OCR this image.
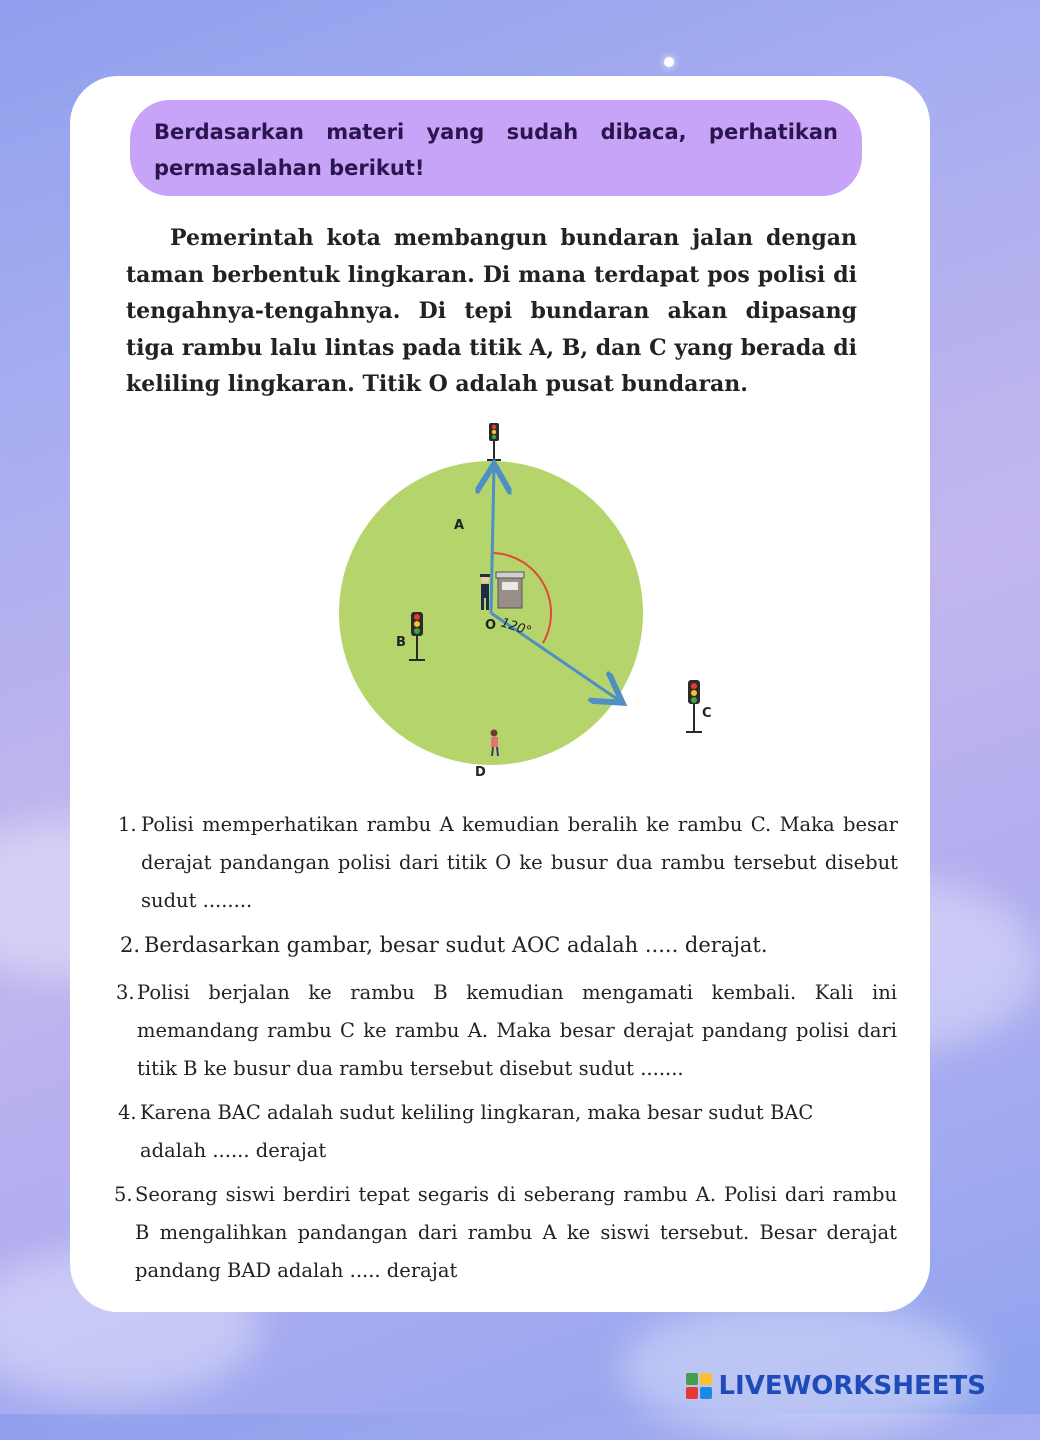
Berdasarkan materi yang sudah dibaca, perhatikan permasalahan berikut!
Pemerintah kota membangun bundaran jalan dengan taman berbentuk lingkaran. Di mana terdapat pos polisi di tengahnya-tengahnya. Di tepi bundaran akan dipasang tiga rambu lalu lintas pada titik A, B, dan C yang berada di keliling lingkaran. Titik O adalah pusat bundaran.
A
B
C
D
O 120°
1. Polisi memperhatikan rambu A kemudian beralih ke rambu C. Maka besar derajat pandangan polisi dari titik O ke busur dua rambu tersebut disebut sudut ........
2. Berdasarkan gambar, besar sudut AOC adalah ..... derajat.
3. Polisi berjalan ke rambu B kemudian mengamati kembali. Kali ini memandang rambu C ke rambu A. Maka besar derajat pandang polisi dari titik B ke busur dua rambu tersebut disebut sudut .......
4. Karena BAC adalah sudut keliling lingkaran, maka besar sudut BAC adalah ...... derajat
5. Seorang siswi berdiri tepat segaris di seberang rambu A. Polisi dari rambu B mengalihkan pandangan dari rambu A ke siswi tersebut. Besar derajat pandang BAD adalah ..... derajat
LIVEWORKSHEETS
